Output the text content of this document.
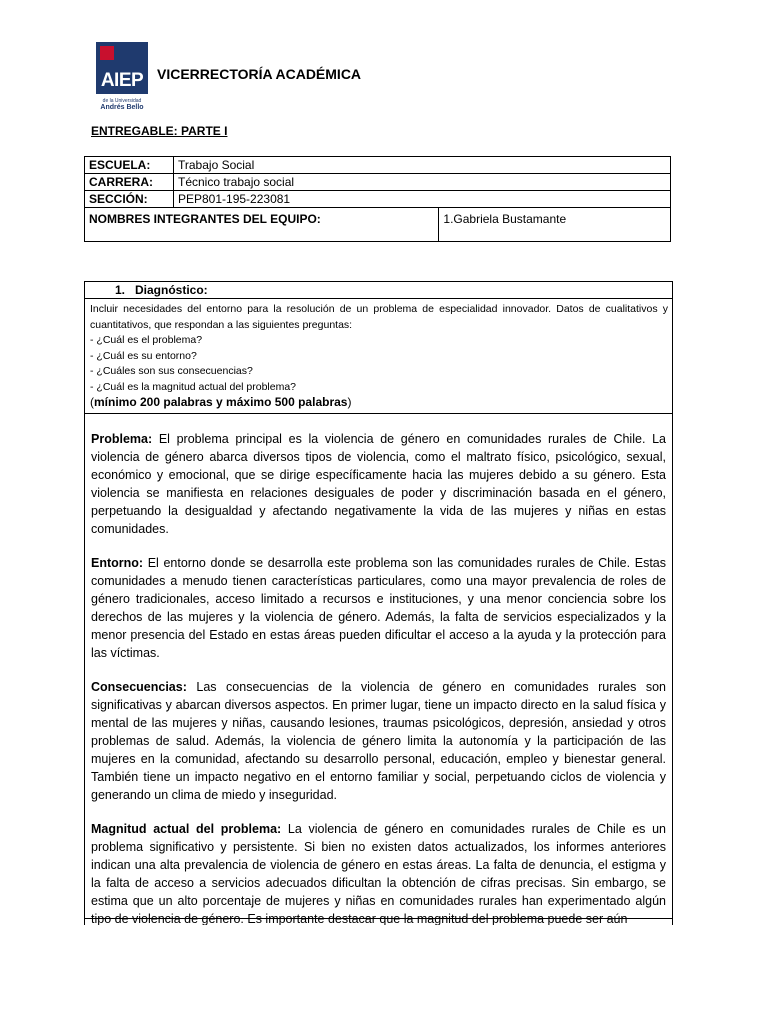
AIEP
de la Universidad
Andrés Bello
VICERRECTORÍA ACADÉMICA
ENTREGABLE: PARTE I
ESCUELA:	Trabajo Social	
CARRERA:	Técnico trabajo social	
SECCIÓN:	PEP801-195-223081	
NOMBRES INTEGRANTES DEL EQUIPO:		1.Gabriela Bustamante
1.   Diagnóstico:
Incluir necesidades del entorno para la resolución de un problema de especialidad innovador. Datos de cualitativos y cuantitativos, que respondan a las siguientes preguntas:
- ¿Cuál es el problema?
- ¿Cuál es su entorno?
- ¿Cuáles son sus consecuencias?
- ¿Cuál es la magnitud actual del problema?
(mínimo 200 palabras y máximo 500 palabras)

Problema: El problema principal es la violencia de género en comunidades rurales de Chile. La violencia de género abarca diversos tipos de violencia, como el maltrato físico, psicológico, sexual, económico y emocional, que se dirige específicamente hacia las mujeres debido a su género. Esta violencia se manifiesta en relaciones desiguales de poder y discriminación basada en el género, perpetuando la desigualdad y afectando negativamente la vida de las mujeres y niñas en estas comunidades.

Entorno: El entorno donde se desarrolla este problema son las comunidades rurales de Chile. Estas comunidades a menudo tienen características particulares, como una mayor prevalencia de roles de género tradicionales, acceso limitado a recursos e instituciones, y una menor conciencia sobre los derechos de las mujeres y la violencia de género. Además, la falta de servicios especializados y la menor presencia del Estado en estas áreas pueden dificultar el acceso a la ayuda y la protección para las víctimas.

Consecuencias: Las consecuencias de la violencia de género en comunidades rurales son significativas y abarcan diversos aspectos. En primer lugar, tiene un impacto directo en la salud física y mental de las mujeres y niñas, causando lesiones, traumas psicológicos, depresión, ansiedad y otros problemas de salud. Además, la violencia de género limita la autonomía y la participación de las mujeres en la comunidad, afectando su desarrollo personal, educación, empleo y bienestar general. También tiene un impacto negativo en el entorno familiar y social, perpetuando ciclos de violencia y generando un clima de miedo y inseguridad.

Magnitud actual del problema: La violencia de género en comunidades rurales de Chile es un problema significativo y persistente. Si bien no existen datos actualizados, los informes anteriores indican una alta prevalencia de violencia de género en estas áreas. La falta de denuncia, el estigma y la falta de acceso a servicios adecuados dificultan la obtención de cifras precisas. Sin embargo, se estima que un alto porcentaje de mujeres y niñas en comunidades rurales han experimentado algún tipo de violencia de género. Es importante destacar que la magnitud del problema puede ser aún
